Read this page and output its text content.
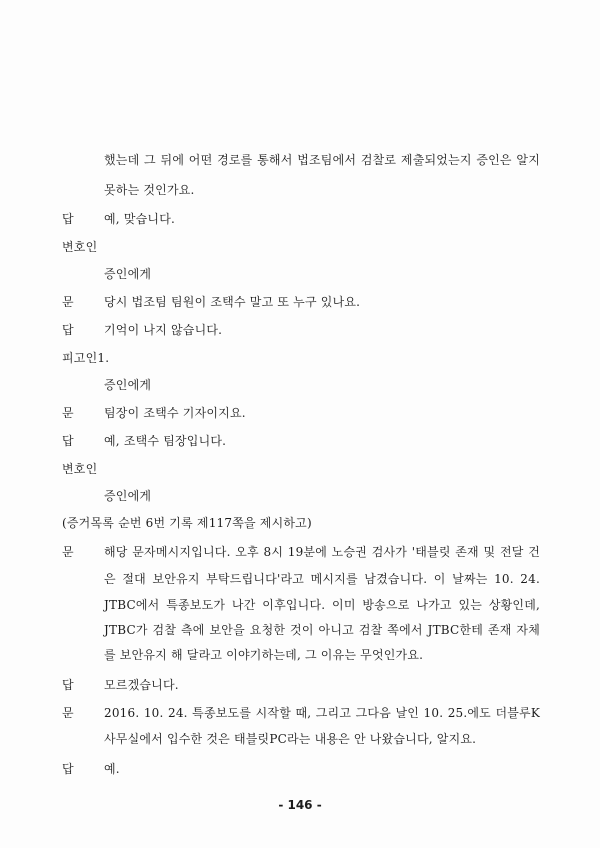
했는데 그 뒤에 어떤 경로를 통해서 법조팀에서 검찰로 제출되었는지 증인은 알지
못하는 것인가요.
답	예, 맞습니다.
변호인
증인에게
문	당시 법조팀 팀원이 조택수 말고 또 누구 있나요.
답	기억이 나지 않습니다.
피고인1.
증인에게
문	팀장이 조택수 기자이지요.
답	예, 조택수 팀장입니다.
변호인
증인에게
(증거목록 순번 6번 기록 제117쪽을 제시하고)
문	해당 문자메시지입니다. 오후 8시 19분에 노승권 검사가 '태블릿 존재 및 전달 건
은 절대 보안유지 부탁드립니다'라고 메시지를 남겼습니다. 이 날짜는 10. 24.
JTBC에서 특종보도가 나간 이후입니다. 이미 방송으로 나가고 있는 상황인데,
JTBC가 검찰 측에 보안을 요청한 것이 아니고 검찰 쪽에서 JTBC한테 존재 자체
를 보안유지 해 달라고 이야기하는데, 그 이유는 무엇인가요.
답	모르겠습니다.
문	2016. 10. 24. 특종보도를 시작할 때, 그리고 그다음 날인 10. 25.에도 더블루K
사무실에서 입수한 것은 태블릿PC라는 내용은 안 나왔습니다, 알지요.
답	예.
- 146 -
